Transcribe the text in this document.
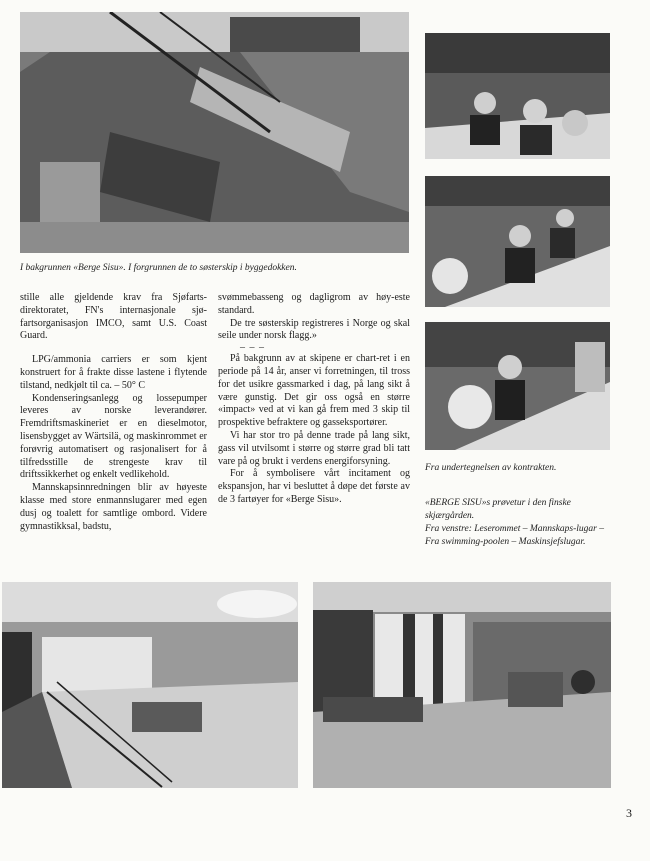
I bakgrunnen «Berge Sisu». I forgrunnen de to søsterskip i byggedokken.
Fra undertegnelsen av kontrakten.
«BERGE SISU»s prøvetur i den finske skjærgården.
Fra venstre: Leserommet – Mannskaps-lugar – Fra swimming-poolen – Maskinsjefslugar.

stille alle gjeldende krav fra Sjøfarts-direktoratet, FN's internasjonale sjø-fartsorganisasjon IMCO, samt U.S. Coast Guard.

LPG/ammonia carriers er som kjent konstruert for å frakte disse lastene i flytende tilstand, nedkjølt til ca. – 50° C

Kondenseringsanlegg og lossepumper leveres av norske leverandører. Fremdriftsmaskineriet er en dieselmotor, lisensbygget av Wärtsilä, og maskinrommet er forøvrig automatisert og rasjonalisert for å tilfredsstille de strengeste krav til driftssikkerhet og enkelt vedlikehold.

Mannskapsinnredningen blir av høyeste klasse med store enmannslugarer med egen dusj og toalett for samtlige ombord. Videre gymnastikksal, badstu,

svømmebasseng og dagligrom av høy-este standard.

De tre søsterskip registreres i Norge og skal seile under norsk flagg.»

– – –

På bakgrunn av at skipene er chart-ret i en periode på 14 år, anser vi forretningen, til tross for det usikre gassmarked i dag, på lang sikt å være gunstig. Det gir oss også en større «impact» ved at vi kan gå frem med 3 skip til prospektive befraktere og gasseksportører.

Vi har stor tro på denne trade på lang sikt, gass vil utvilsomt i større og større grad bli tatt vare på og brukt i verdens energiforsyning.

For å symbolisere vårt incitament og ekspansjon, har vi besluttet å døpe det første av de 3 fartøyer for «Berge Sisu».

3
